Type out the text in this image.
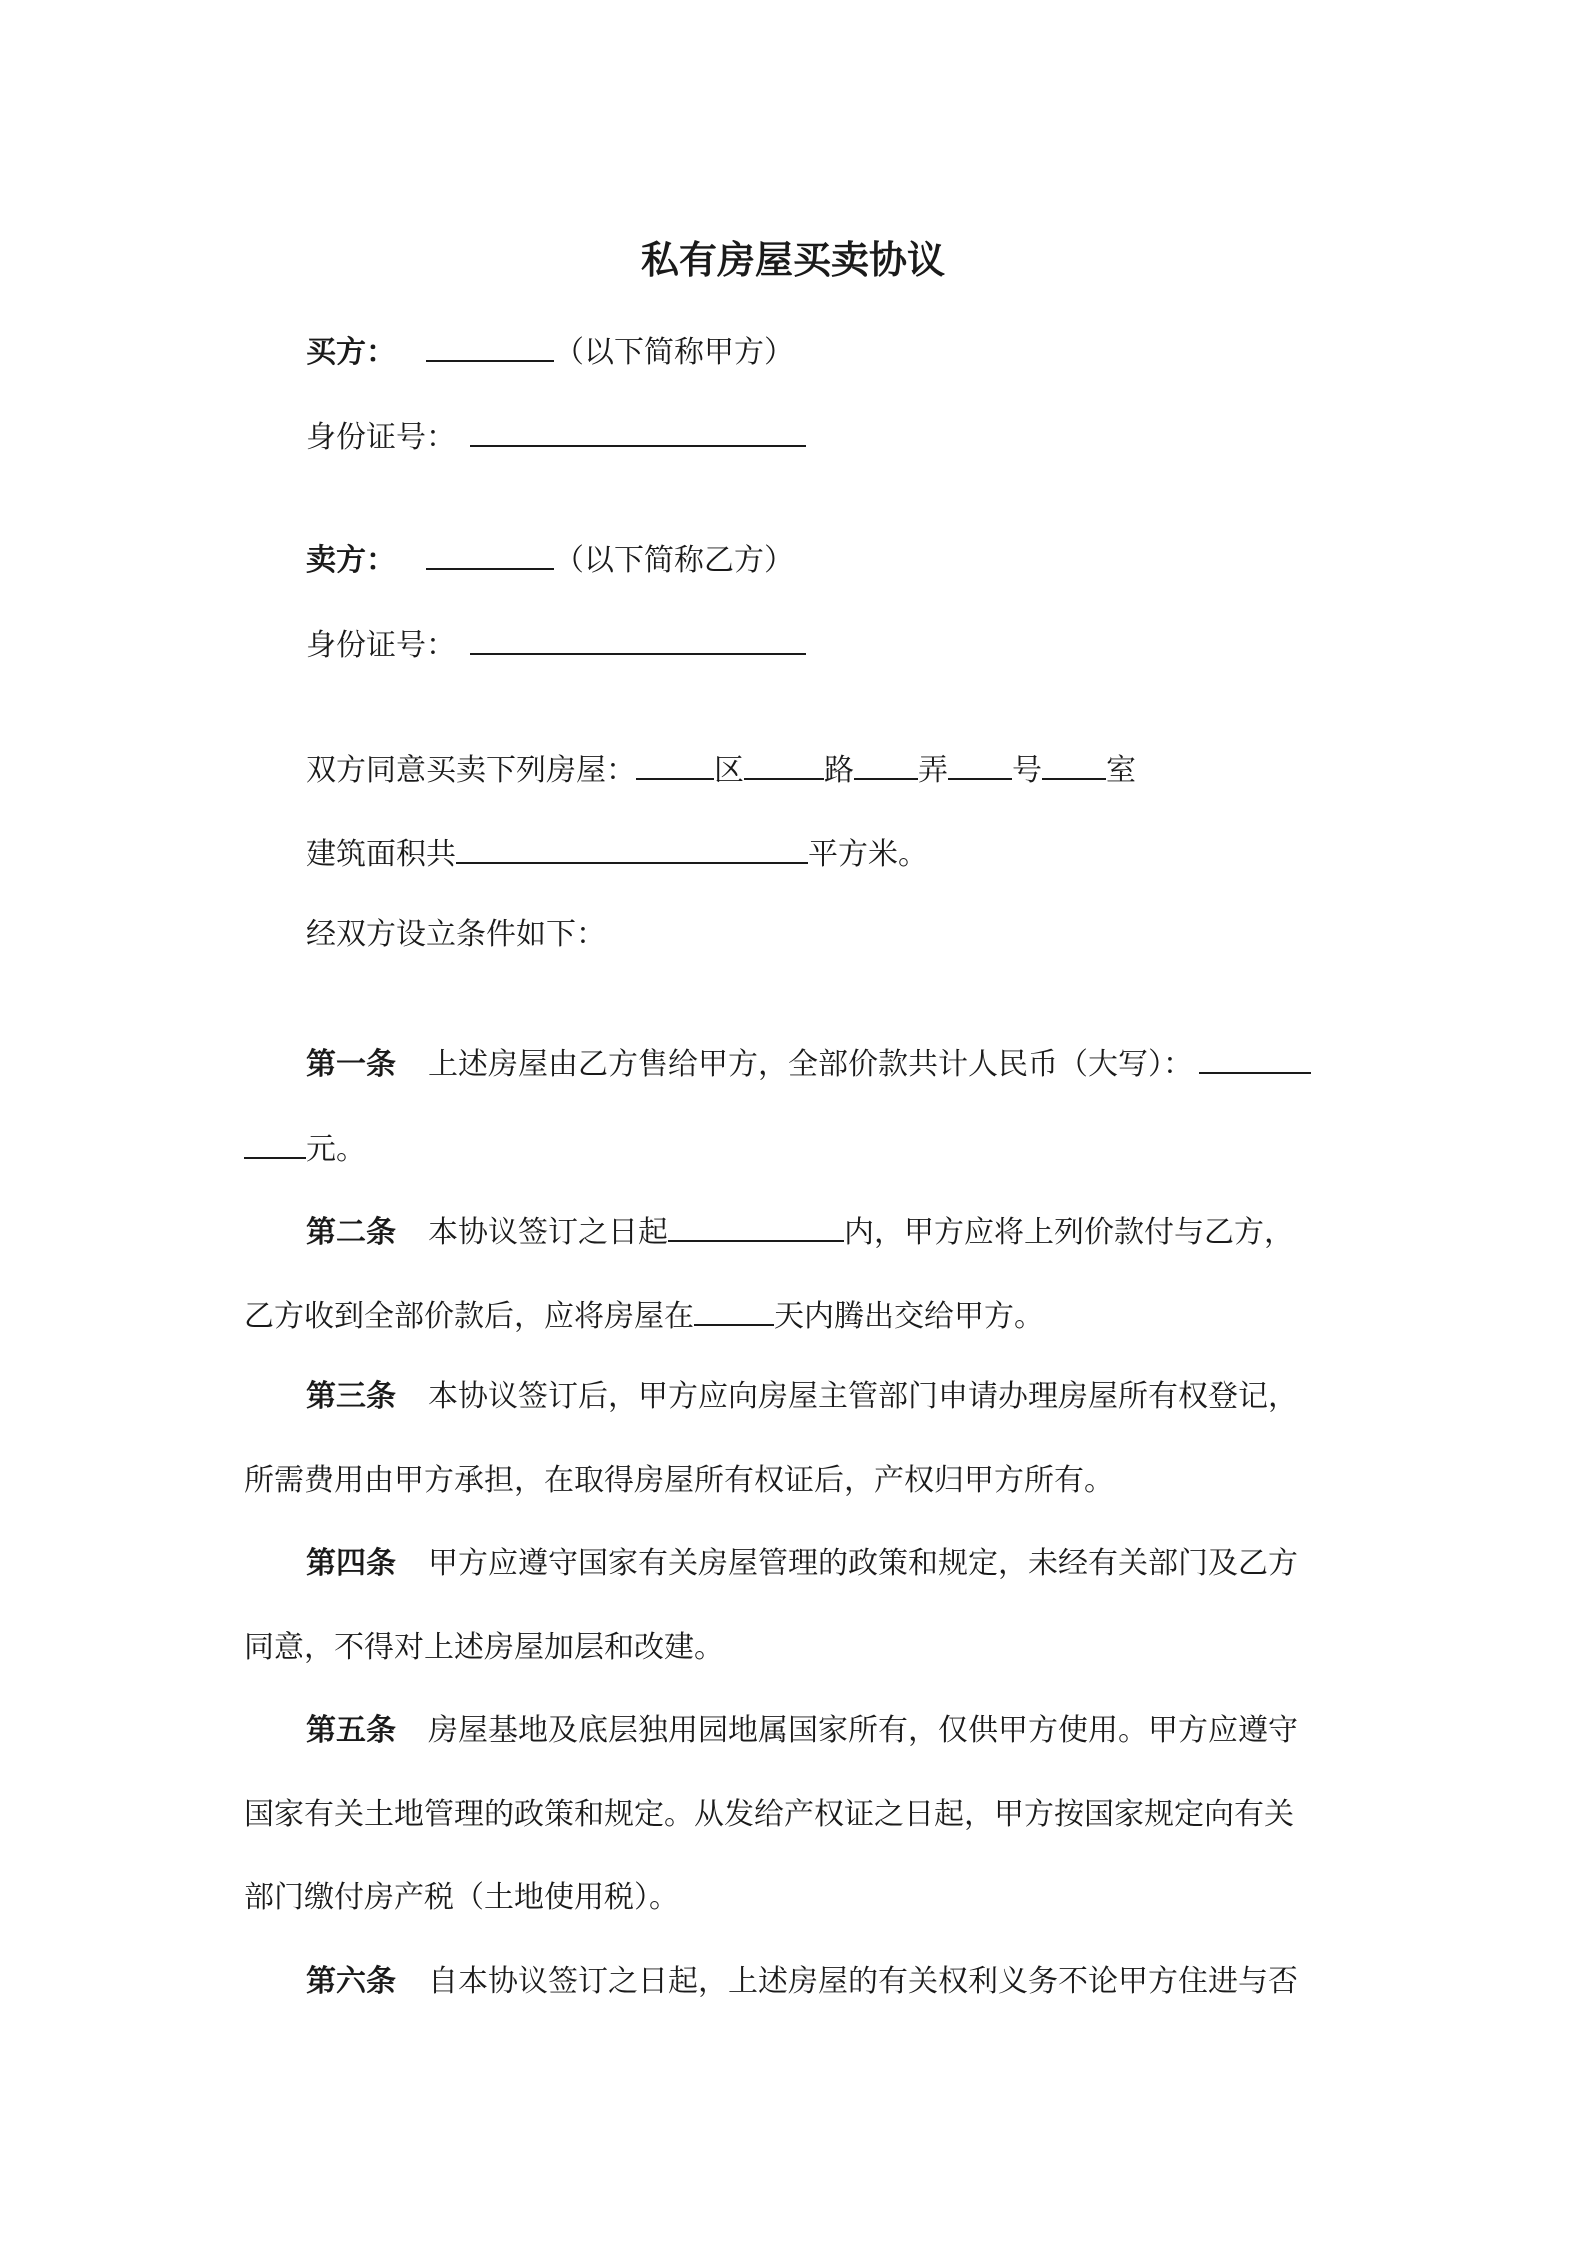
私有房屋买卖协议
买方：	（以下简称甲方）
身份证号：
卖方：	（以下简称乙方）
身份证号：
双方同意买卖下列房屋：	区	路 弄 号 室
建筑面积共	平方米。
经双方设立条件如下：
第一条 上述房屋由乙方售给甲方，全部价款共计人民币（大写）：
元。
第二条 本协议签订之日起	内，甲方应将上列价款付与乙方，
乙方收到全部价款后，应将房屋在	天内腾出交给甲方。
第三条 本协议签订后，甲方应向房屋主管部门申请办理房屋所有权登记，
所需费用由甲方承担，在取得房屋所有权证后，产权归甲方所有。
第四条 甲方应遵守国家有关房屋管理的政策和规定，未经有关部门及乙方
同意，不得对上述房屋加层和改建。
第五条 房屋基地及底层独用园地属国家所有，仅供甲方使用。甲方应遵守
国家有关土地管理的政策和规定。从发给产权证之日起，甲方按国家规定向有关
部门缴付房产税（土地使用税）。
第六条 自本协议签订之日起，上述房屋的有关权利义务不论甲方住进与否
